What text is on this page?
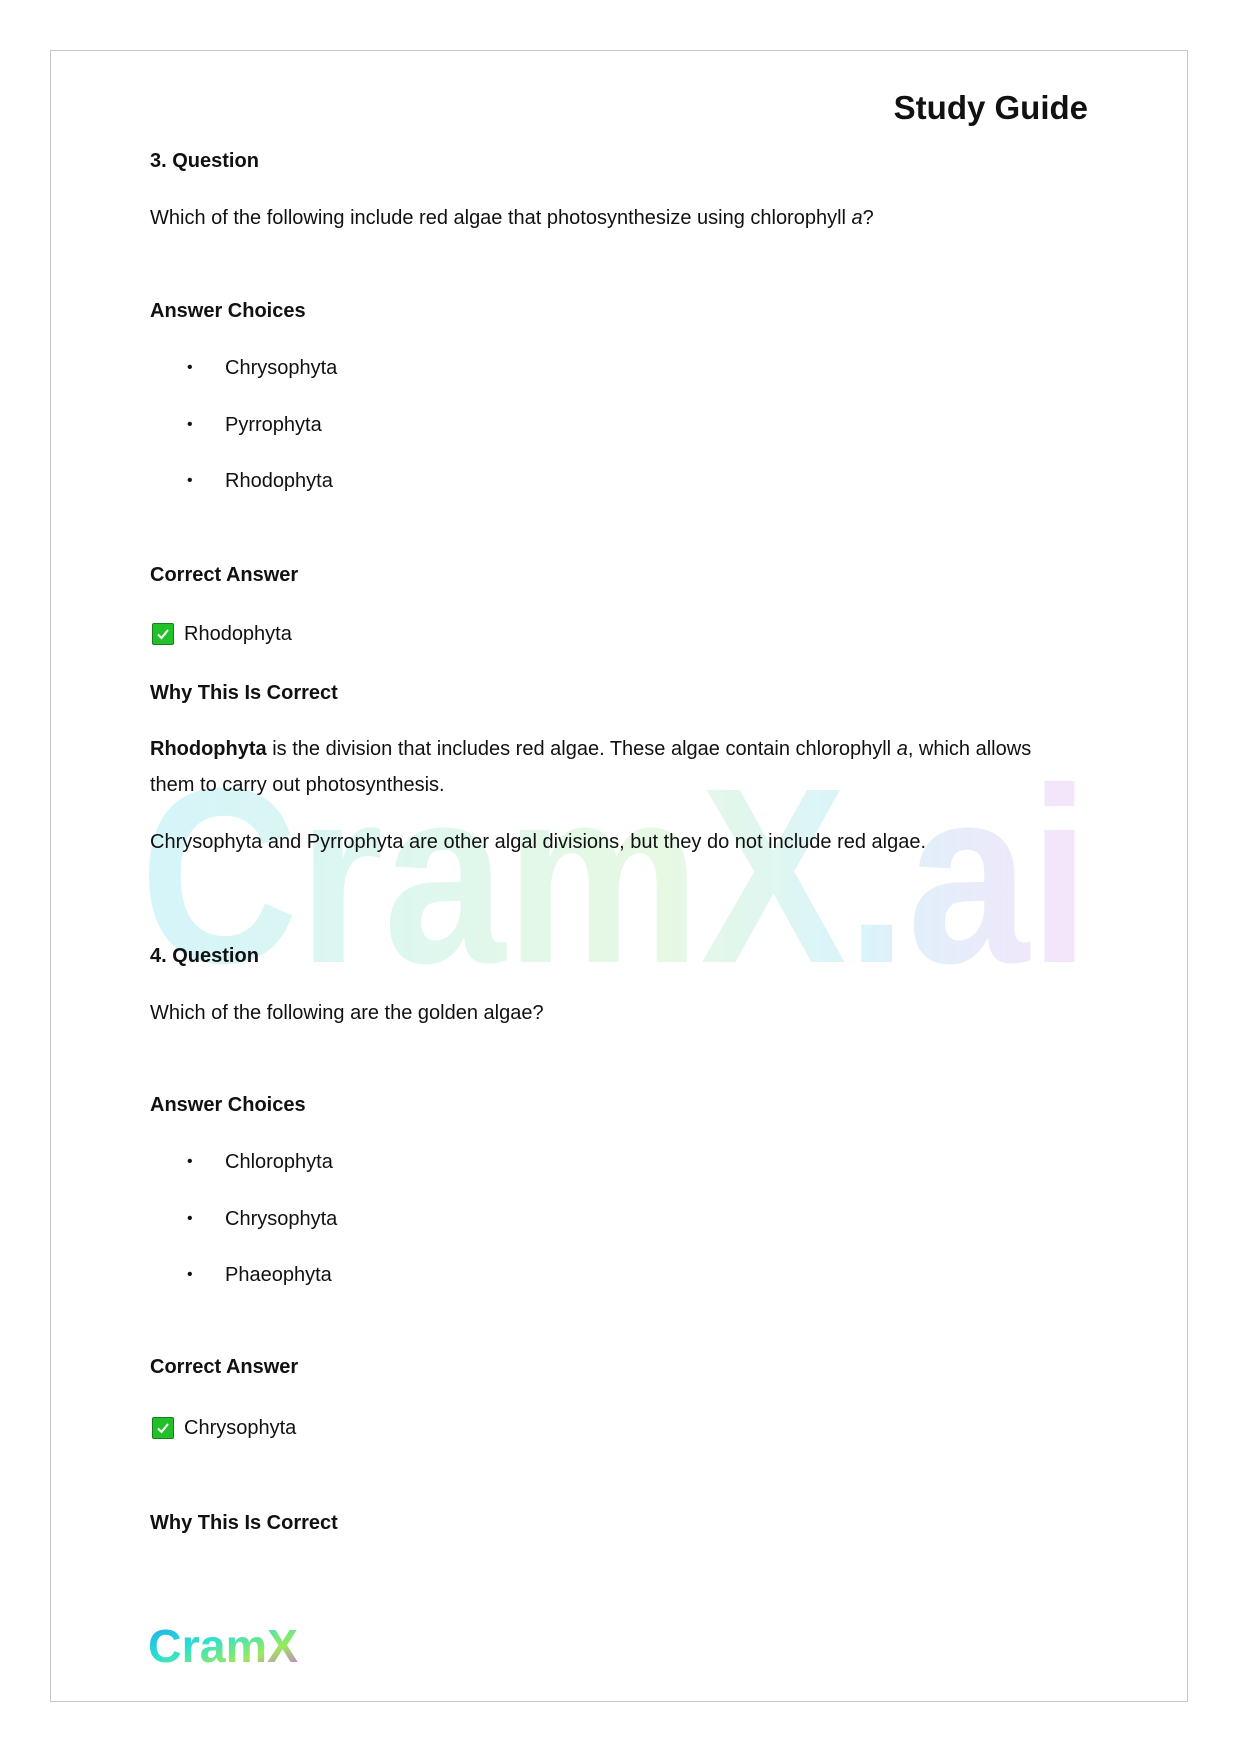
CramX.ai
Study Guide
3. Question
Which of the following include red algae that photosynthesize using chlorophyll a?
Answer Choices
• Chrysophyta
• Pyrrophyta
• Rhodophyta
Correct Answer
Rhodophyta
Why This Is Correct
Rhodophyta is the division that includes red algae. These algae contain chlorophyll a, which allows
them to carry out photosynthesis.
Chrysophyta and Pyrrophyta are other algal divisions, but they do not include red algae.
4. Question
Which of the following are the golden algae?
Answer Choices
• Chlorophyta
• Chrysophyta
• Phaeophyta
Correct Answer
Chrysophyta
Why This Is Correct
CramX
